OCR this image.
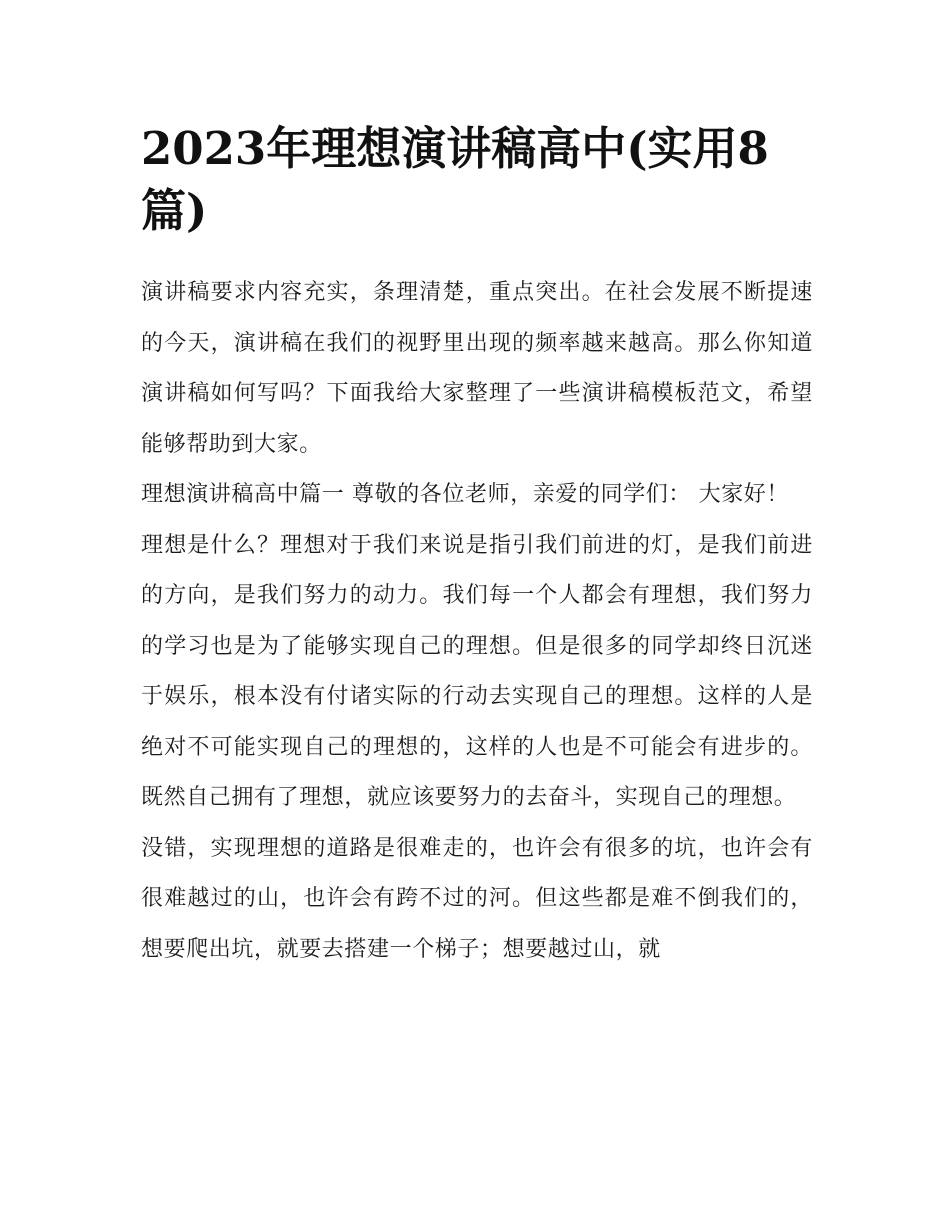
2023年理想演讲稿高中(实用8篇)

演讲稿要求内容充实，条理清楚，重点突出。在社会发展不断提速的今天，演讲稿在我们的视野里出现的频率越来越高。那么你知道演讲稿如何写吗？下面我给大家整理了一些演讲稿模板范文，希望能够帮助到大家。

理想演讲稿高中篇一 尊敬的各位老师，亲爱的同学们： 大家好！

理想是什么？理想对于我们来说是指引我们前进的灯，是我们前进的方向，是我们努力的动力。我们每一个人都会有理想，我们努力的学习也是为了能够实现自己的理想。但是很多的同学却终日沉迷于娱乐，根本没有付诸实际的行动去实现自己的理想。这样的人是绝对不可能实现自己的理想的，这样的人也是不可能会有进步的。既然自己拥有了理想，就应该要努力的去奋斗，实现自己的理想。

没错，实现理想的道路是很难走的，也许会有很多的坑，也许会有很难越过的山，也许会有跨不过的河。但这些都是难不倒我们的，想要爬出坑，就要去搭建一个梯子；想要越过山，就
